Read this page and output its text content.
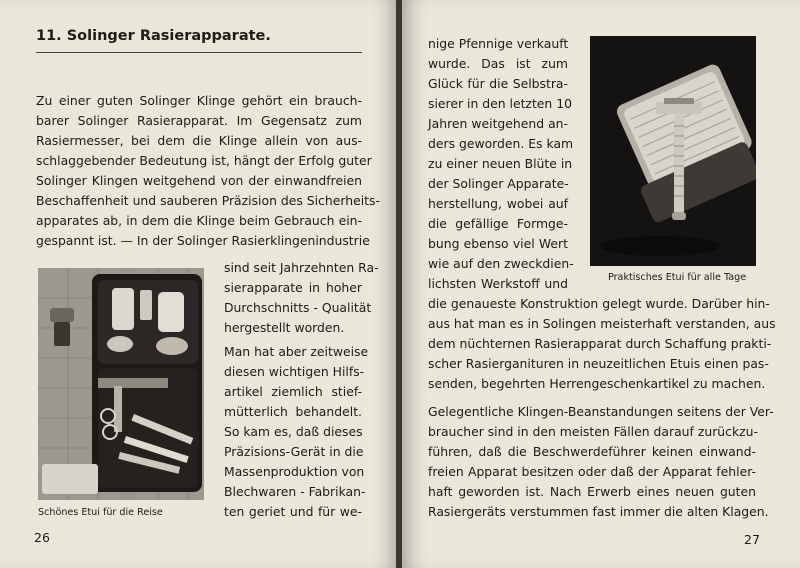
11. Solinger Rasierapparate.
Zu einer guten Solinger Klinge gehört ein brauch-
barer Solinger Rasierapparat. Im Gegensatz zum
Rasiermesser, bei dem die Klinge allein von aus-
schlaggebender Bedeutung ist, hängt der Erfolg guter
Solinger Klingen weitgehend von der einwandfreien
Beschaffenheit und sauberen Präzision des Sicherheits-
apparates ab, in dem die Klinge beim Gebrauch ein-
gespannt ist. — In der Solinger Rasierklingenindustrie
sind seit Jahrzehnten Ra-
sierapparate in hoher
Durchschnitts - Qualität
hergestellt worden.
Man hat aber zeitweise
diesen wichtigen Hilfs-
artikel ziemlich stief-
mütterlich behandelt.
So kam es, daß dieses
Präzisions-Gerät in die
Massenproduktion von
Blechwaren - Fabrikan-
ten geriet und für we-
Schönes Etui für die Reise
26
nige Pfennige verkauft
wurde. Das ist zum
Glück für die Selbstra-
sierer in den letzten 10
Jahren weitgehend an-
ders geworden. Es kam
zu einer neuen Blüte in
der Solinger Apparate-
herstellung, wobei auf
die gefällige Formge-
bung ebenso viel Wert
wie auf den zweckdien-
lichsten Werkstoff und	Praktisches Etui für alle Tage
die genaueste Konstruktion gelegt wurde. Darüber hin-
aus hat man es in Solingen meisterhaft verstanden, aus
dem nüchternen Rasierapparat durch Schaffung prakti-
scher Rasierganituren in neuzeitlichen Etuis einen pas-
senden, begehrten Herrengeschenkartikel zu machen.
Gelegentliche Klingen-Beanstandungen seitens der Ver-
braucher sind in den meisten Fällen darauf zurückzu-
führen, daß die Beschwerdeführer keinen einwand-
freien Apparat besitzen oder daß der Apparat fehler-
haft geworden ist. Nach Erwerb eines neuen guten
Rasiergeräts verstummen fast immer die alten Klagen.
27
